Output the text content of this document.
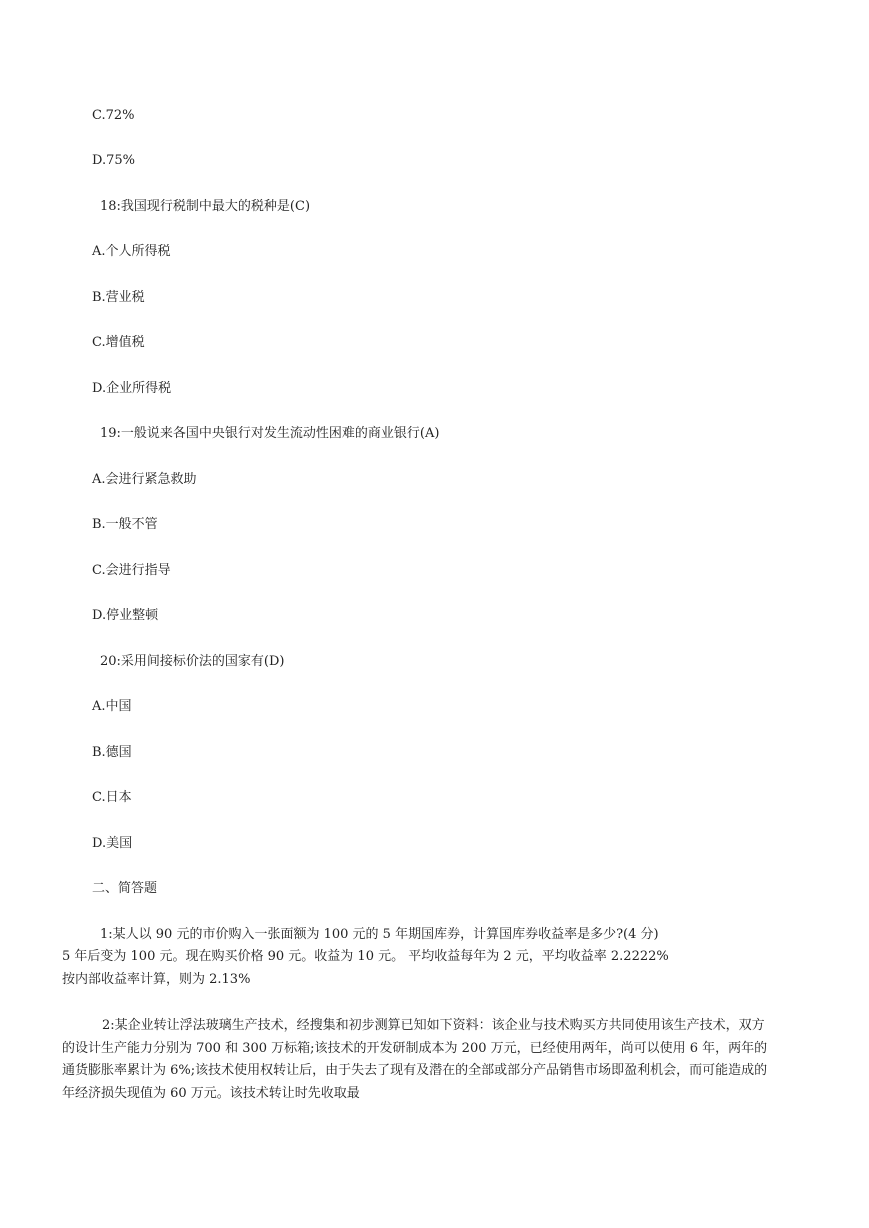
C.72%
D.75%
18:我国现行税制中最大的税种是(C)
A.个人所得税
B.营业税
C.增值税
D.企业所得税
19:一般说来各国中央银行对发生流动性困难的商业银行(A)
A.会进行紧急救助
B.一般不管
C.会进行指导
D.停业整顿
20:采用间接标价法的国家有(D)
A.中国
B.德国
C.日本
D.美国
二、简答题
1:某人以 90 元的市价购入一张面额为 100 元的 5 年期国库券，计算国库券收益率是多少?(4 分)
5 年后变为 100 元。现在购买价格 90 元。收益为 10 元。 平均收益每年为 2 元，平均收益率 2.2222%
按内部收益率计算，则为 2.13%
2:某企业转让浮法玻璃生产技术，经搜集和初步测算已知如下资料：该企业与技术购买方共同使用该生产技术，双方的设计生产能力分别为 700 和 300 万标箱;该技术的开发研制成本为 200 万元，已经使用两年，尚可以使用 6 年，两年的通货膨胀率累计为 6%;该技术使用权转让后，由于失去了现有及潜在的全部或部分产品销售市场即盈利机会，而可能造成的年经济损失现值为 60 万元。该技术转让时先收取最
